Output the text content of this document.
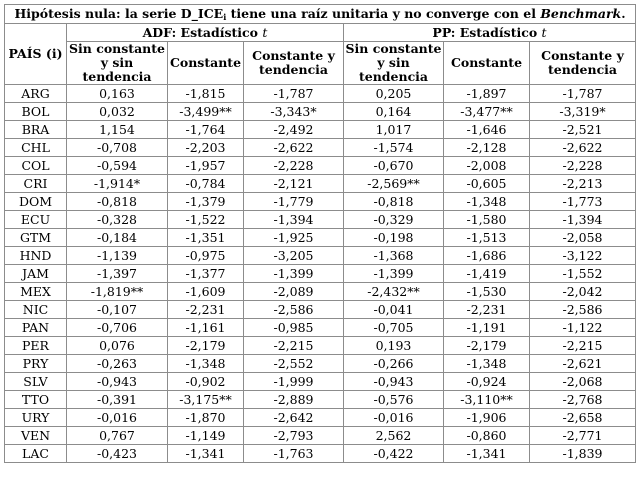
Hipótesis nula: la serie $D\_ICE_i$ tiene una raíz unitaria y no converge con el Benchmark.						
PAÍS (i)	ADF: Estadístico t			PP: Estadístico t		
	Sin constante y sin tendencia	Constante	Constante y tendencia	Sin constante y sin tendencia	Constante	Constante y tendencia
ARG	0,163	-1,815	-1,787	0,205	-1,897	-1,787
BOL	0,032	-3,499**	-3,343*	0,164	-3,477**	-3,319*
BRA	1,154	-1,764	-2,492	1,017	-1,646	-2,521
CHL	-0,708	-2,203	-2,622	-1,574	-2,128	-2,622
COL	-0,594	-1,957	-2,228	-0,670	-2,008	-2,228
CRI	-1,914*	-0,784	-2,121	-2,569**	-0,605	-2,213
DOM	-0,818	-1,379	-1,779	-0,818	-1,348	-1,773
ECU	-0,328	-1,522	-1,394	-0,329	-1,580	-1,394
GTM	-0,184	-1,351	-1,925	-0,198	-1,513	-2,058
HND	-1,139	-0,975	-3,205	-1,368	-1,686	-3,122
JAM	-1,397	-1,377	-1,399	-1,399	-1,419	-1,552
MEX	-1,819**	-1,609	-2,089	-2,432**	-1,530	-2,042
NIC	-0,107	-2,231	-2,586	-0,041	-2,231	-2,586
PAN	-0,706	-1,161	-0,985	-0,705	-1,191	-1,122
PER	0,076	-2,179	-2,215	0,193	-2,179	-2,215
PRY	-0,263	-1,348	-2,552	-0,266	-1,348	-2,621
SLV	-0,943	-0,902	-1,999	-0,943	-0,924	-2,068
TTO	-0,391	-3,175**	-2,889	-0,576	-3,110**	-2,768
URY	-0,016	-1,870	-2,642	-0,016	-1,906	-2,658
VEN	0,767	-1,149	-2,793	2,562	-0,860	-2,771
LAC	-0,423	-1,341	-1,763	-0,422	-1,341	-1,839
